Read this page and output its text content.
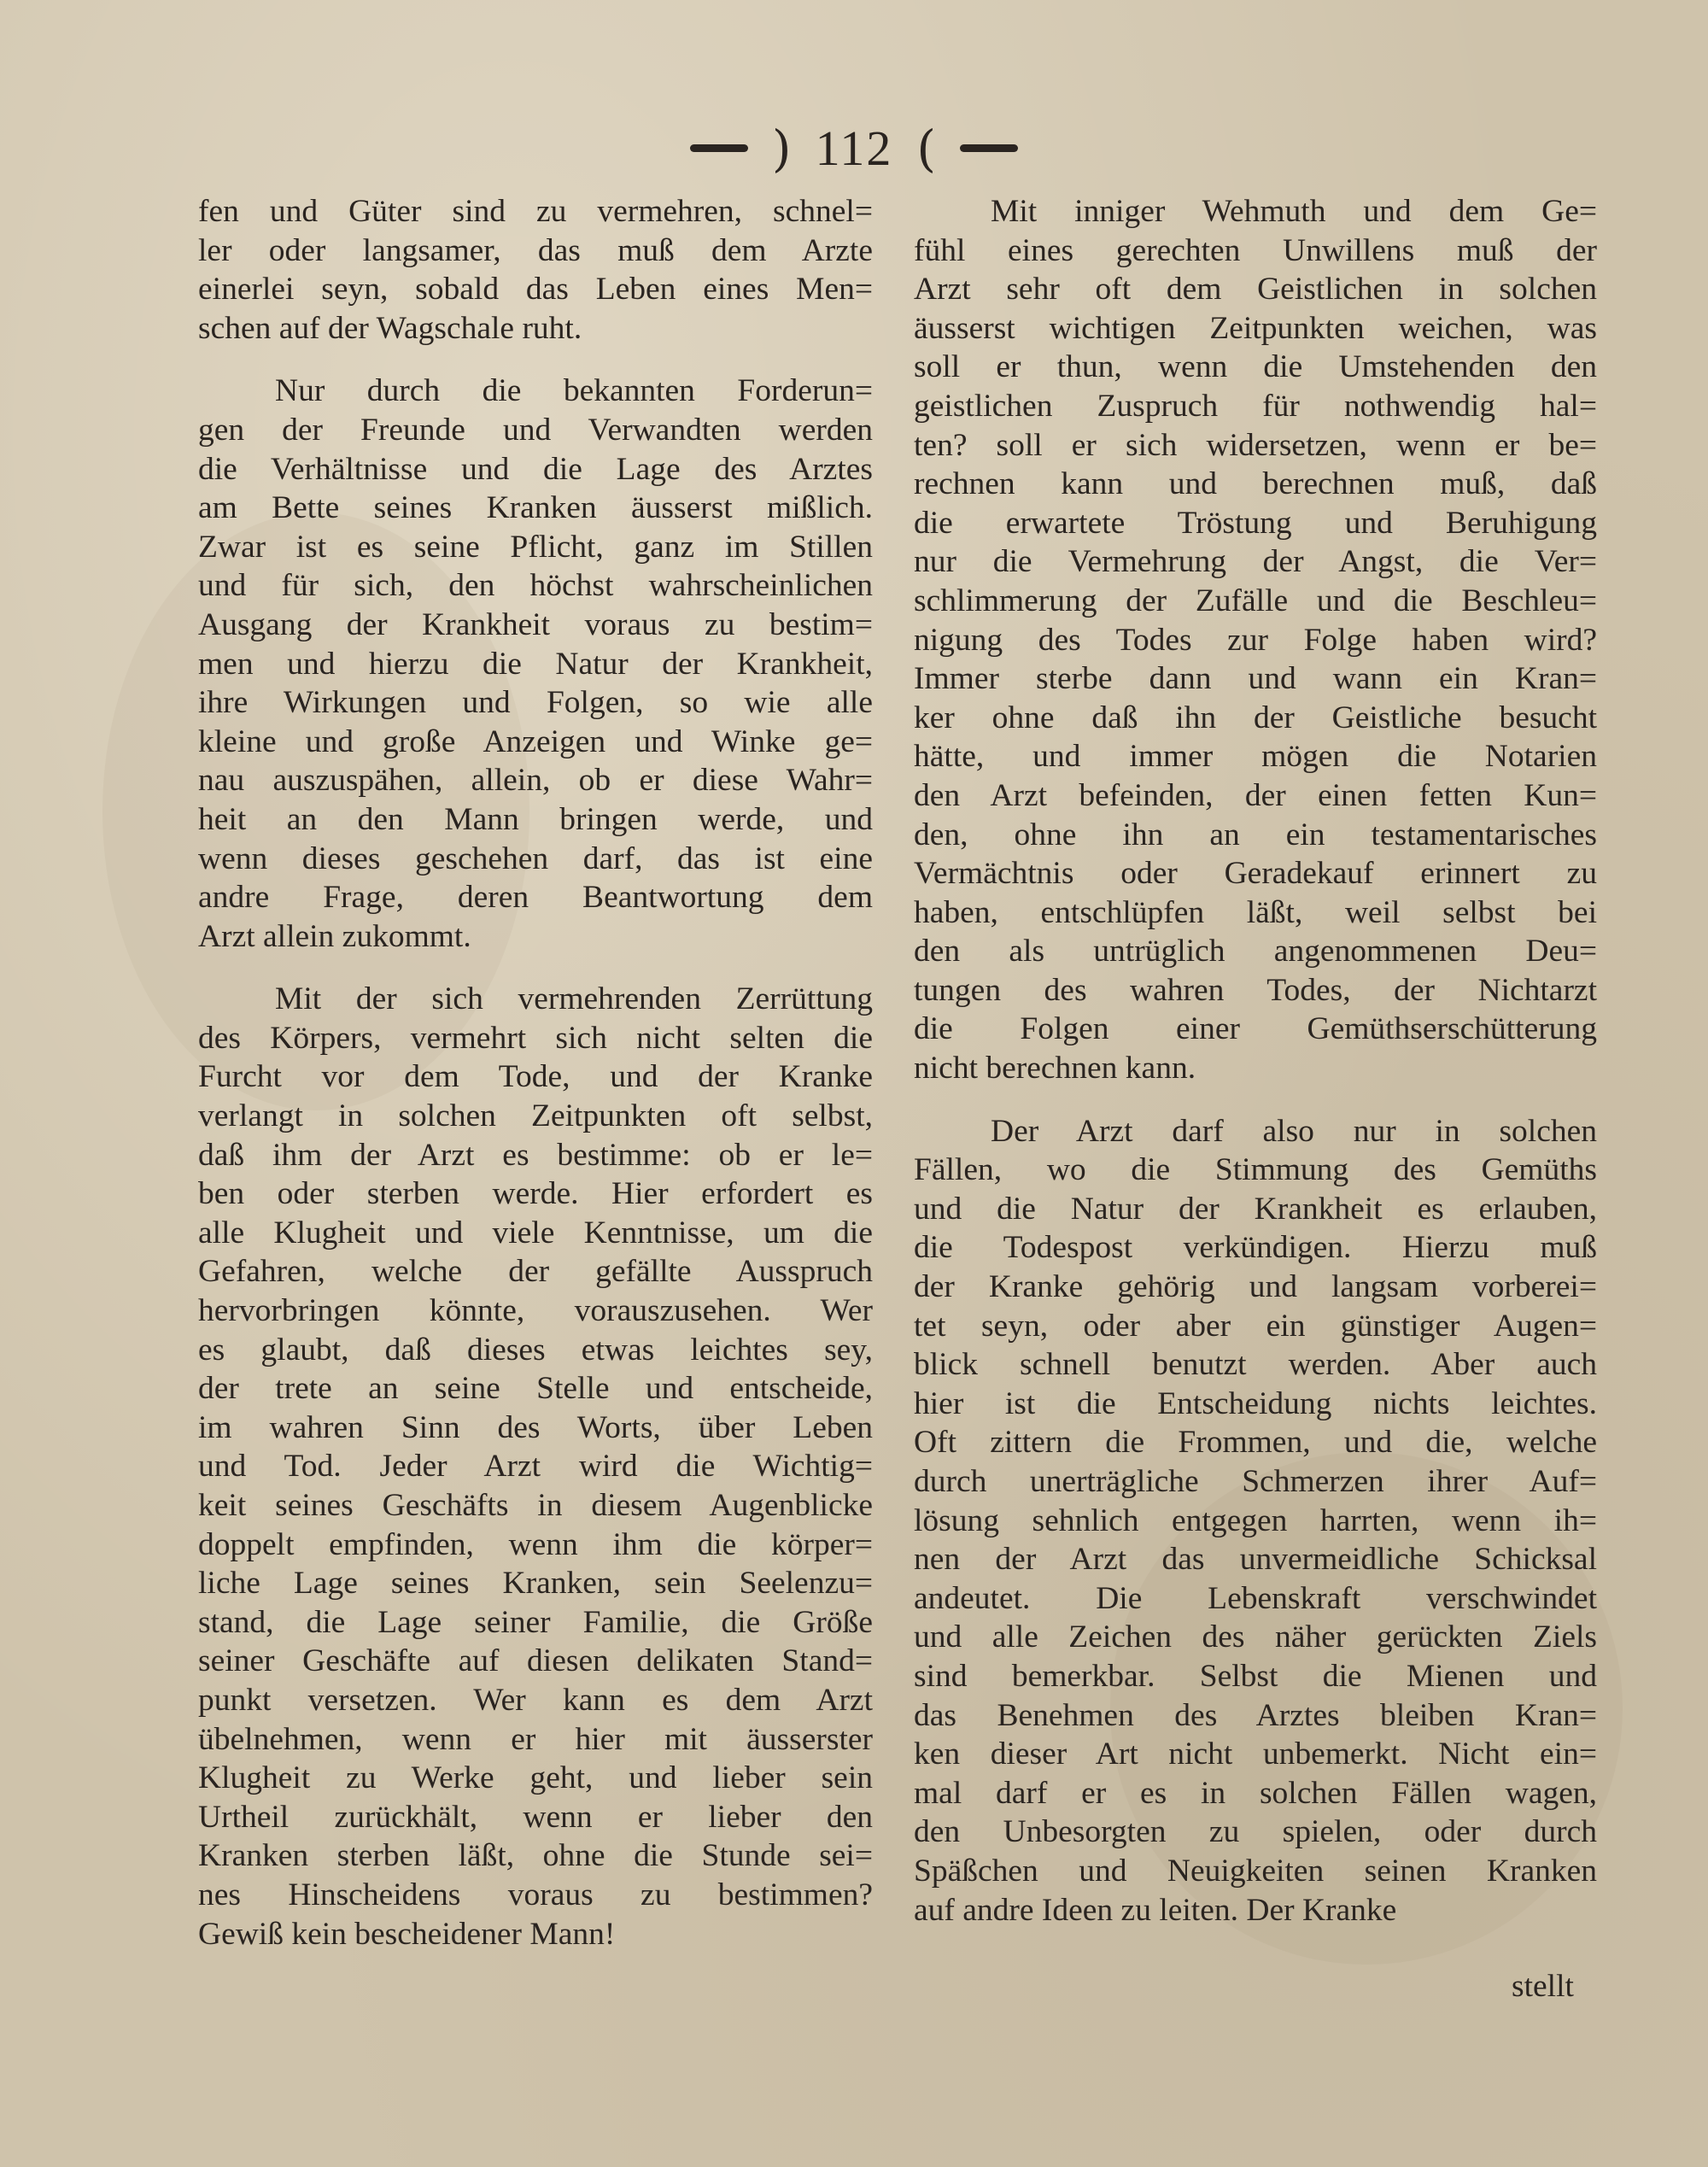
) 112 (
fen und Güter sind zu vermehren, schnel=
ler oder langsamer, das muß dem Arzte
einerlei seyn, sobald das Leben eines Men=
schen auf der Wagschale ruht.
Nur durch die bekannten Forderun=
gen der Freunde und Verwandten werden
die Verhältnisse und die Lage des Arztes
am Bette seines Kranken äusserst mißlich.
Zwar ist es seine Pflicht, ganz im Stillen
und für sich, den höchst wahrscheinlichen
Ausgang der Krankheit voraus zu bestim=
men und hierzu die Natur der Krankheit,
ihre Wirkungen und Folgen, so wie alle
kleine und große Anzeigen und Winke ge=
nau auszuspähen, allein, ob er diese Wahr=
heit an den Mann bringen werde, und
wenn dieses geschehen darf, das ist eine
andre Frage, deren Beantwortung dem
Arzt allein zukommt.
Mit der sich vermehrenden Zerrüttung
des Körpers, vermehrt sich nicht selten die
Furcht vor dem Tode, und der Kranke
verlangt in solchen Zeitpunkten oft selbst,
daß ihm der Arzt es bestimme: ob er le=
ben oder sterben werde. Hier erfordert es
alle Klugheit und viele Kenntnisse, um die
Gefahren, welche der gefällte Ausspruch
hervorbringen könnte, vorauszusehen. Wer
es glaubt, daß dieses etwas leichtes sey,
der trete an seine Stelle und entscheide,
im wahren Sinn des Worts, über Leben
und Tod. Jeder Arzt wird die Wichtig=
keit seines Geschäfts in diesem Augenblicke
doppelt empfinden, wenn ihm die körper=
liche Lage seines Kranken, sein Seelenzu=
stand, die Lage seiner Familie, die Größe
seiner Geschäfte auf diesen delikaten Stand=
punkt versetzen. Wer kann es dem Arzt
übelnehmen, wenn er hier mit äusserster
Klugheit zu Werke geht, und lieber sein
Urtheil zurückhält, wenn er lieber den
Kranken sterben läßt, ohne die Stunde sei=
nes Hinscheidens voraus zu bestimmen?
Gewiß kein bescheidener Mann!
Mit inniger Wehmuth und dem Ge=
fühl eines gerechten Unwillens muß der
Arzt sehr oft dem Geistlichen in solchen
äusserst wichtigen Zeitpunkten weichen, was
soll er thun, wenn die Umstehenden den
geistlichen Zuspruch für nothwendig hal=
ten? soll er sich widersetzen, wenn er be=
rechnen kann und berechnen muß, daß
die erwartete Tröstung und Beruhigung
nur die Vermehrung der Angst, die Ver=
schlimmerung der Zufälle und die Beschleu=
nigung des Todes zur Folge haben wird?
Immer sterbe dann und wann ein Kran=
ker ohne daß ihn der Geistliche besucht
hätte, und immer mögen die Notarien
den Arzt befeinden, der einen fetten Kun=
den, ohne ihn an ein testamentarisches
Vermächtnis oder Geradekauf erinnert zu
haben, entschlüpfen läßt, weil selbst bei
den als untrüglich angenommenen Deu=
tungen des wahren Todes, der Nichtarzt
die Folgen einer Gemüthserschütterung
nicht berechnen kann.
Der Arzt darf also nur in solchen
Fällen, wo die Stimmung des Gemüths
und die Natur der Krankheit es erlauben,
die Todespost verkündigen. Hierzu muß
der Kranke gehörig und langsam vorberei=
tet seyn, oder aber ein günstiger Augen=
blick schnell benutzt werden. Aber auch
hier ist die Entscheidung nichts leichtes.
Oft zittern die Frommen, und die, welche
durch unerträgliche Schmerzen ihrer Auf=
lösung sehnlich entgegen harrten, wenn ih=
nen der Arzt das unvermeidliche Schicksal
andeutet. Die Lebenskraft verschwindet
und alle Zeichen des näher gerückten Ziels
sind bemerkbar. Selbst die Mienen und
das Benehmen des Arztes bleiben Kran=
ken dieser Art nicht unbemerkt. Nicht ein=
mal darf er es in solchen Fällen wagen,
den Unbesorgten zu spielen, oder durch
Späßchen und Neuigkeiten seinen Kranken
auf andre Ideen zu leiten. Der Kranke
stellt
